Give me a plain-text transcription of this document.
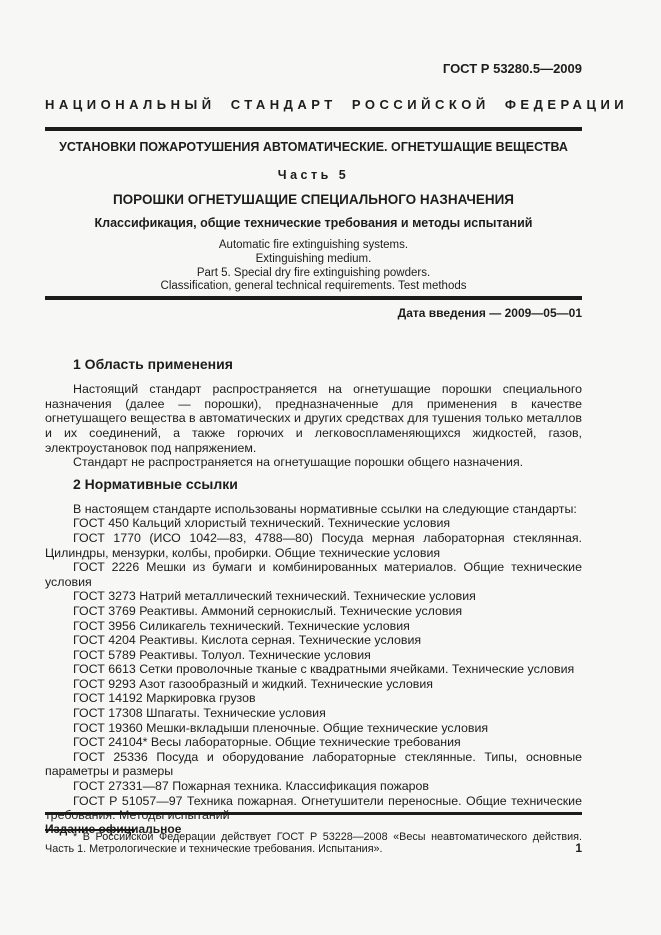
ГОСТ Р 53280.5—2009
НАЦИОНАЛЬНЫЙ СТАНДАРТ РОССИЙСКОЙ ФЕДЕРАЦИИ
УСТАНОВКИ ПОЖАРОТУШЕНИЯ АВТОМАТИЧЕСКИЕ. ОГНЕТУШАЩИЕ ВЕЩЕСТВА
Часть 5
ПОРОШКИ ОГНЕТУШАЩИЕ СПЕЦИАЛЬНОГО НАЗНАЧЕНИЯ
Классификация, общие технические требования и методы испытаний
Automatic fire extinguishing systems.
Extinguishing medium.
Part 5. Special dry fire extinguishing powders.
Classification, general technical requirements. Test methods
Дата введения — 2009—05—01
1 Область применения

Настоящий стандарт распространяется на огнетушащие порошки специального назначения (далее — порошки), предназначенные для применения в качестве огнетушащего вещества в автоматических и других средствах для тушения только металлов и их соединений, а также горючих и легковоспламеняющихся жидкостей, газов, электроустановок под напряжением.

Стандарт не распространяется на огнетушащие порошки общего назначения.

2 Нормативные ссылки

В настоящем стандарте использованы нормативные ссылки на следующие стандарты:

ГОСТ 450 Кальций хлористый технический. Технические условия

ГОСТ 1770 (ИСО 1042—83, 4788—80) Посуда мерная лабораторная стеклянная. Цилиндры, мензурки, колбы, пробирки. Общие технические условия

ГОСТ 2226 Мешки из бумаги и комбинированных материалов. Общие технические условия

ГОСТ 3273 Натрий металлический технический. Технические условия

ГОСТ 3769 Реактивы. Аммоний сернокислый. Технические условия

ГОСТ 3956 Силикагель технический. Технические условия

ГОСТ 4204 Реактивы. Кислота серная. Технические условия

ГОСТ 5789 Реактивы. Толуол. Технические условия

ГОСТ 6613 Сетки проволочные тканые с квадратными ячейками. Технические условия

ГОСТ 9293 Азот газообразный и жидкий. Технические условия

ГОСТ 14192 Маркировка грузов

ГОСТ 17308 Шпагаты. Технические условия

ГОСТ 19360 Мешки-вкладыши пленочные. Общие технические условия

ГОСТ 24104* Весы лабораторные. Общие технические требования

ГОСТ 25336 Посуда и оборудование лабораторные стеклянные. Типы, основные параметры и размеры

ГОСТ 27331—87 Пожарная техника. Классификация пожаров

ГОСТ Р 51057—97 Техника пожарная. Огнетушители переносные. Общие технические требования. Методы испытаний

* В Российской Федерации действует ГОСТ Р 53228—2008 «Весы неавтоматического действия. Часть 1. Метрологические и технические требования. Испытания».

Издание официальное
1
